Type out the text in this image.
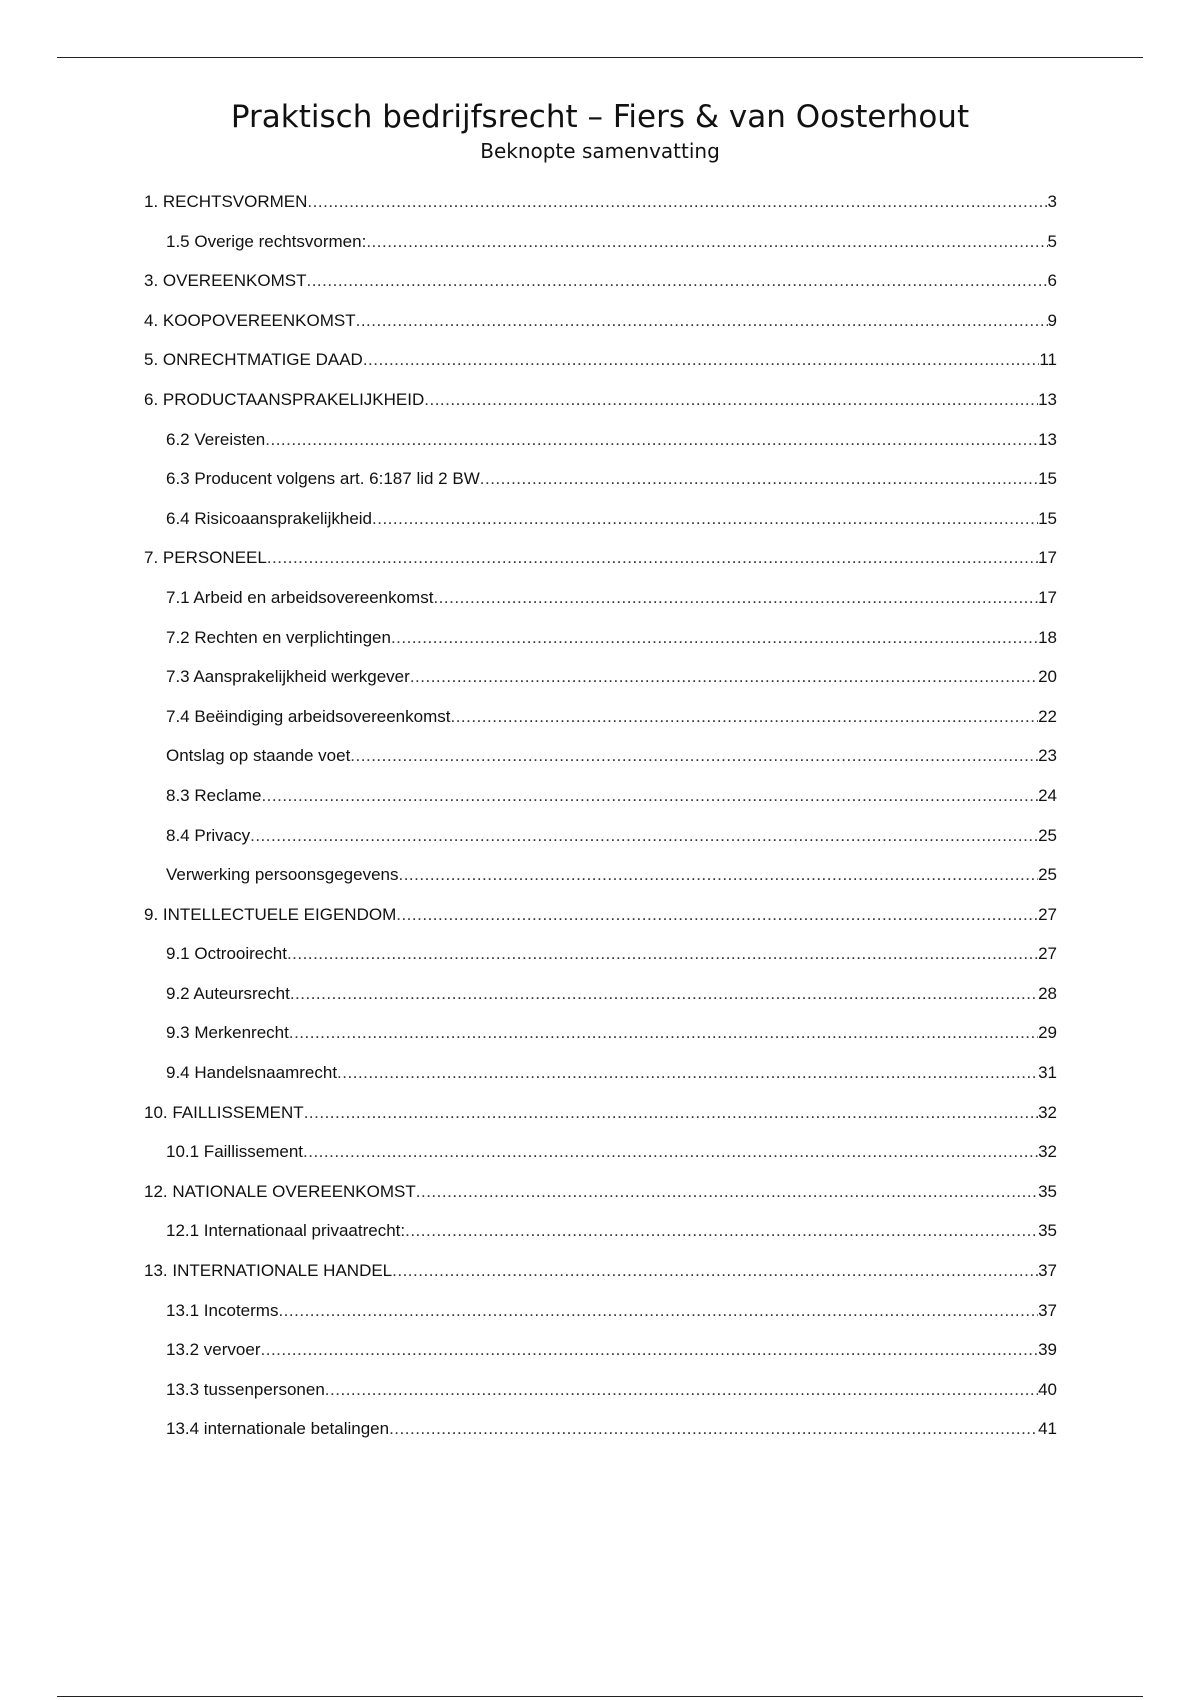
Praktisch bedrijfsrecht – Fiers & van Oosterhout
Beknopte samenvatting
1. RECHTSVORMEN .....	3
1.5 Overige rechtsvormen: .....	5
3. OVEREENKOMST .....	6
4. KOOPOVEREENKOMST .....	9
5. ONRECHTMATIGE DAAD .....	11
6. PRODUCTAANSPRAKELIJKHEID .....	13
6.2 Vereisten .....	13
6.3 Producent volgens art. 6:187 lid 2 BW .....	15
6.4 Risicoaansprakelijkheid .....	15
7. PERSONEEL .....	17
7.1 Arbeid en arbeidsovereenkomst .....	17
7.2 Rechten en verplichtingen .....	18
7.3 Aansprakelijkheid werkgever .....	20
7.4 Beëindiging arbeidsovereenkomst .....	22
Ontslag op staande voet .....	23
8.3 Reclame .....	24
8.4 Privacy .....	25
Verwerking persoonsgegevens .....	25
9. INTELLECTUELE EIGENDOM .....	27
9.1 Octrooirecht .....	27
9.2 Auteursrecht .....	28
9.3 Merkenrecht .....	29
9.4 Handelsnaamrecht .....	31
10. FAILLISSEMENT .....	32
10.1 Faillissement .....	32
12. NATIONALE OVEREENKOMST .....	35
12.1 Internationaal privaatrecht: .....	35
13. INTERNATIONALE HANDEL .....	37
13.1 Incoterms .....	37
13.2 vervoer .....	39
13.3 tussenpersonen .....	40
13.4 internationale betalingen .....	41
